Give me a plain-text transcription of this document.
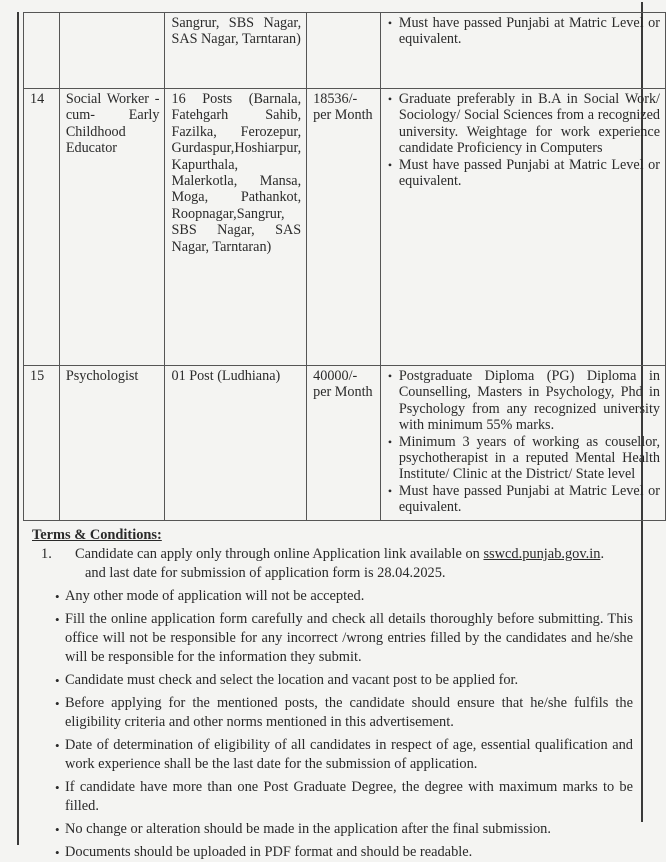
		Sangrur, SBS Nagar, SAS Nagar, Tarntaran)		
• Must have passed Punjabi at Matric Level or equivalent.

14	Social Worker -cum- Early Childhood Educator	16 Posts (Barnala, Fatehgarh Sahib, Fazilka, Ferozepur, Gurdaspur,Hoshiarpur, Kapurthala, Malerkotla, Mansa, Moga, Pathankot, Roopnagar,Sangrur, SBS Nagar, SAS Nagar, Tarntaran)	18536/- per Month	
• Graduate preferably in B.A in Social Work/ Sociology/ Social Sciences from a recognized university. Weightage for work experience candidate Proficiency in Computers
• Must have passed Punjabi at Matric Level or equivalent.

15	Psychologist	01 Post (Ludhiana)	40000/- per Month	
• Postgraduate Diploma (PG) Diploma in Counselling, Masters in Psychology, Phd in Psychology from any recognized university with minimum 55% marks.
• Minimum 3 years of working as cousellor, psychotherapist in a reputed Mental Health Institute/ Clinic at the District/ State level
• Must have passed Punjabi at Matric Level or equivalent.
Terms & Conditions:
1. Candidate can apply only through online Application link available on sswcd.punjab.gov.in.
and last date for submission of application form is 28.04.2025.
• Any other mode of application will not be accepted.
• Fill the online application form carefully and check all details thoroughly before submitting. This office will not be responsible for any incorrect /wrong entries filled by the candidates and he/she will be responsible for the information they submit.
• Candidate must check and select the location and vacant post to be applied for.
• Before applying for the mentioned posts, the candidate should ensure that he/she fulfils the eligibility criteria and other norms mentioned in this advertisement.
• Date of determination of eligibility of all candidates in respect of age, essential qualification and work experience shall be the last date for the submission of application.
• If candidate have more than one Post Graduate Degree, the degree with maximum marks to be filled.
• No change or alteration should be made in the application after the final submission.
• Documents should be uploaded in PDF format and should be readable.
